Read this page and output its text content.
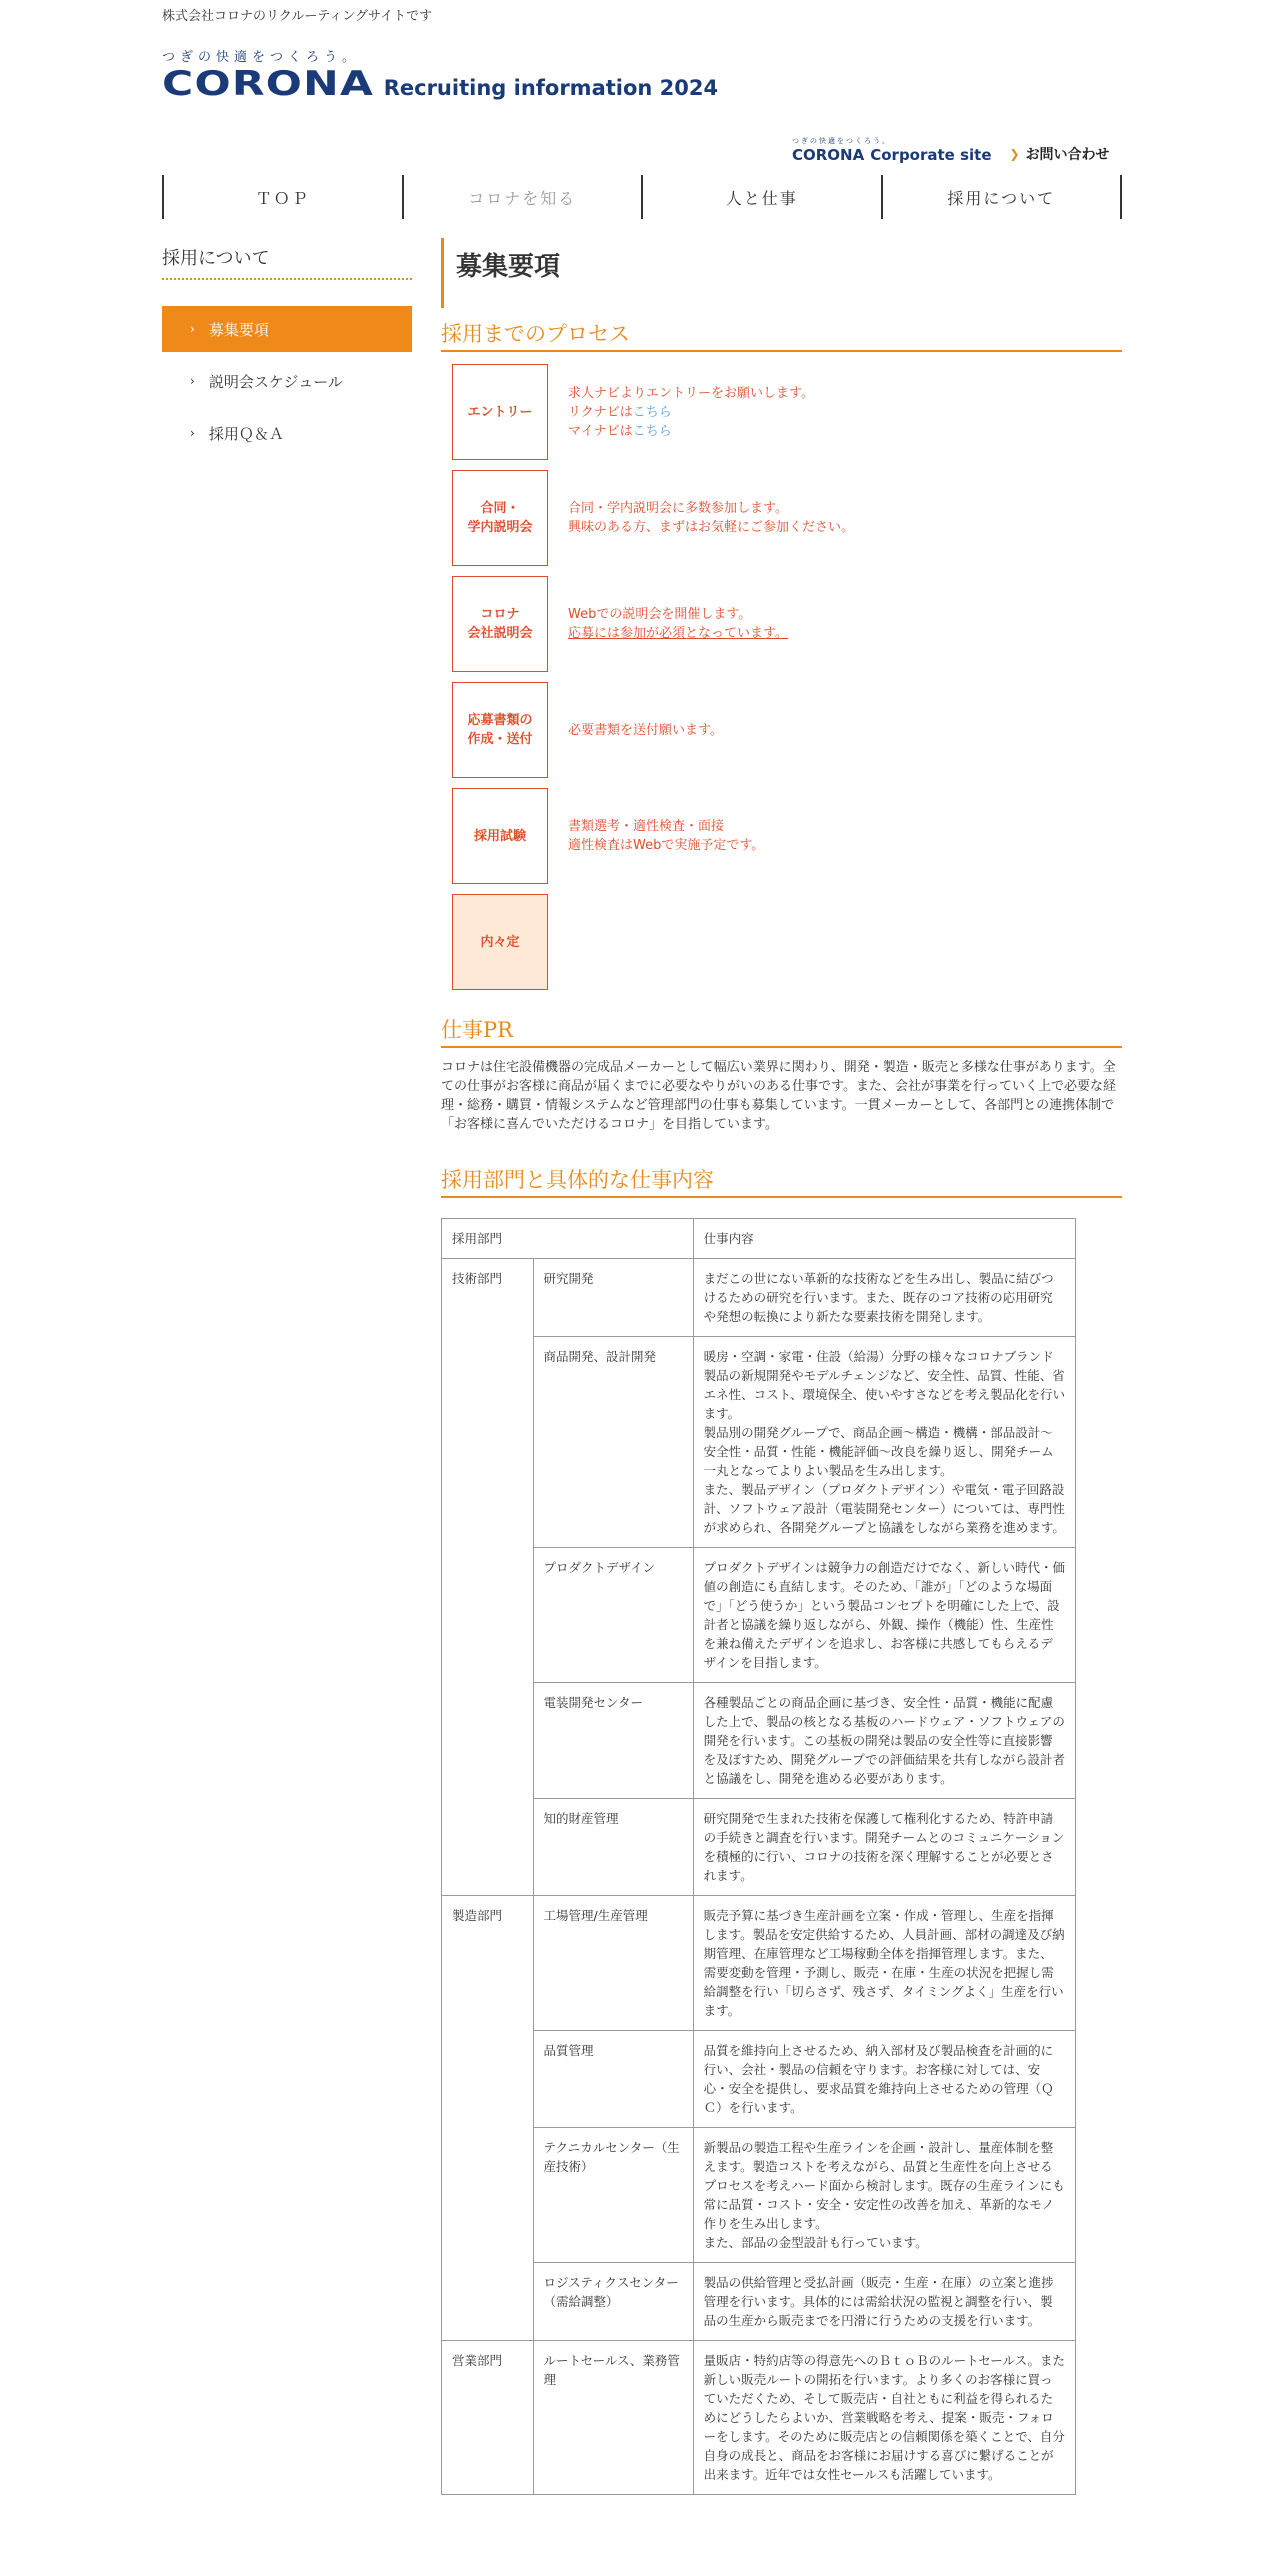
株式会社コロナのリクルーティングサイトです
つぎの快適をつくろう。
CORONA Recruiting information 2024
つぎの快適をつくろう。
CORONA Corporate site ❯ お問い合わせ
ＴＯＰ	コロナを知る	人と仕事	採用について
採用について
› 募集要項
› 説明会スケジュール
› 採用Ｑ＆Ａ
募集要項
採用までのプロセス
エントリー
求人ナビよりエントリーをお願いします。
リクナビはこちら
マイナビはこちら
合同・
学内説明会
合同・学内説明会に多数参加します。
興味のある方、まずはお気軽にご参加ください。
コロナ
会社説明会
Webでの説明会を開催します。
応募には参加が必須となっています。
応募書類の
作成・送付
必要書類を送付願います。
採用試験
書類選考・適性検査・面接
適性検査はWebで実施予定です。
内々定
仕事PR
コロナは住宅設備機器の完成品メーカーとして幅広い業界に関わり、開発・製造・販売と多様な仕事があります。全ての仕事がお客様に商品が届くまでに必要なやりがいのある仕事です。また、会社が事業を行っていく上で必要な経理・総務・購買・情報システムなど管理部門の仕事も募集しています。一貫メーカーとして、各部門との連携体制で「お客様に喜んでいただけるコロナ」を目指しています。
採用部門と具体的な仕事内容
採用部門		仕事内容
技術部門	研究開発	まだこの世にない革新的な技術などを生み出し、製品に結びつけるための研究を行います。また、既存のコア技術の応用研究や発想の転換により新たな要素技術を開発します。
	商品開発、設計開発	暖房・空調・家電・住設（給湯）分野の様々なコロナブランド製品の新規開発やモデルチェンジなど、安全性、品質、性能、省エネ性、コスト、環境保全、使いやすさなどを考え製品化を行います。
製品別の開発グループで、商品企画～構造・機構・部品設計～安全性・品質・性能・機能評価～改良を繰り返し、開発チーム一丸となってよりよい製品を生み出します。
また、製品デザイン（プロダクトデザイン）や電気・電子回路設計、ソフトウェア設計（電装開発センター）については、専門性が求められ、各開発グループと協議をしながら業務を進めます。
	プロダクトデザイン	プロダクトデザインは競争力の創造だけでなく、新しい時代・価値の創造にも直結します。そのため、「誰が」「どのような場面で」「どう使うか」という製品コンセプトを明確にした上で、設計者と協議を繰り返しながら、外観、操作（機能）性、生産性を兼ね備えたデザインを追求し、お客様に共感してもらえるデザインを目指します。
	電装開発センター	各種製品ごとの商品企画に基づき、安全性・品質・機能に配慮した上で、製品の核となる基板のハードウェア・ソフトウェアの開発を行います。この基板の開発は製品の安全性等に直接影響を及ぼすため、開発グループでの評価結果を共有しながら設計者と協議をし、開発を進める必要があります。
	知的財産管理	研究開発で生まれた技術を保護して権利化するため、特許申請の手続きと調査を行います。開発チームとのコミュニケーションを積極的に行い、コロナの技術を深く理解することが必要とされます。
製造部門	工場管理/生産管理	販売予算に基づき生産計画を立案・作成・管理し、生産を指揮します。製品を安定供給するため、人員計画、部材の調達及び納期管理、在庫管理など工場稼動全体を指揮管理します。また、需要変動を管理・予測し、販売・在庫・生産の状況を把握し需給調整を行い「切らさず、残さず、タイミングよく」生産を行います。
	品質管理	品質を維持向上させるため、納入部材及び製品検査を計画的に行い、会社・製品の信頼を守ります。お客様に対しては、安心・安全を提供し、要求品質を維持向上させるための管理（ＱＣ）を行います。
	テクニカルセンター（生産技術）	新製品の製造工程や生産ラインを企画・設計し、量産体制を整えます。製造コストを考えながら、品質と生産性を向上させるプロセスを考えハード面から検討します。既存の生産ラインにも常に品質・コスト・安全・安定性の改善を加え、革新的なモノ作りを生み出します。
また、部品の金型設計も行っています。
	ロジスティクスセンター（需給調整）	製品の供給管理と受払計画（販売・生産・在庫）の立案と進捗管理を行います。具体的には需給状況の監視と調整を行い、製品の生産から販売までを円滑に行うための支援を行います。
営業部門	ルートセールス、業務管理	量販店・特約店等の得意先へのＢｔｏＢのルートセールス。また新しい販売ルートの開拓を行います。より多くのお客様に買っていただくため、そして販売店・自社ともに利益を得られるためにどうしたらよいか、営業戦略を考え、提案・販売・フォローをします。そのために販売店との信頼関係を築くことで、自分自身の成長と、商品をお客様にお届けする喜びに繋げることが出来ます。近年では女性セールスも活躍しています。
